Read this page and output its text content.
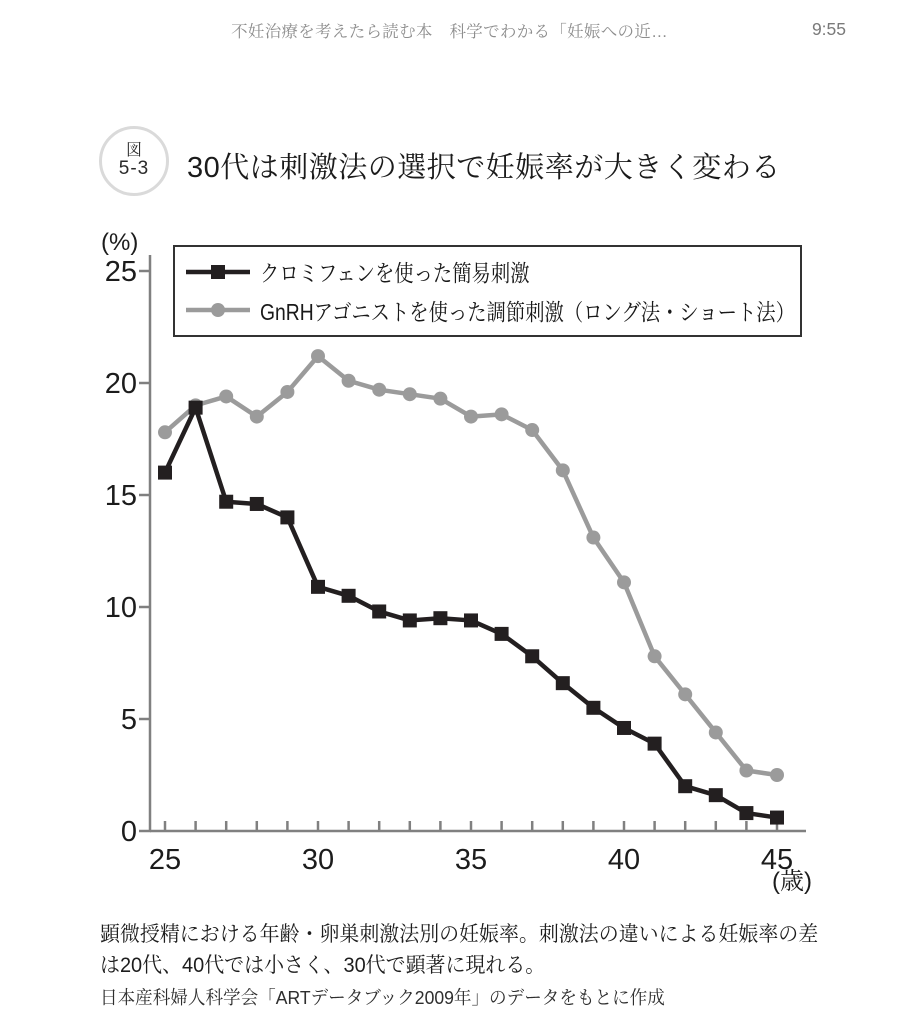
不妊治療を考えたら読む本　科学でわかる「妊娠への近…	9:55
図
5-3 30代は刺激法の選択で妊娠率が大きく変わる
クロミフェンを使った簡易刺激
GnRHアゴニストを使った調節刺激（ロング法・ショート法）
0
5
10
15
20
25
25	30	35	40	45
(%)
(歳)
顕微授精における年齢・卵巣刺激法別の妊娠率。刺激法の違いによる妊娠率の差
は20代、40代では小さく、30代で顕著に現れる。
日本産科婦人科学会「ARTデータブック2009年」のデータをもとに作成
